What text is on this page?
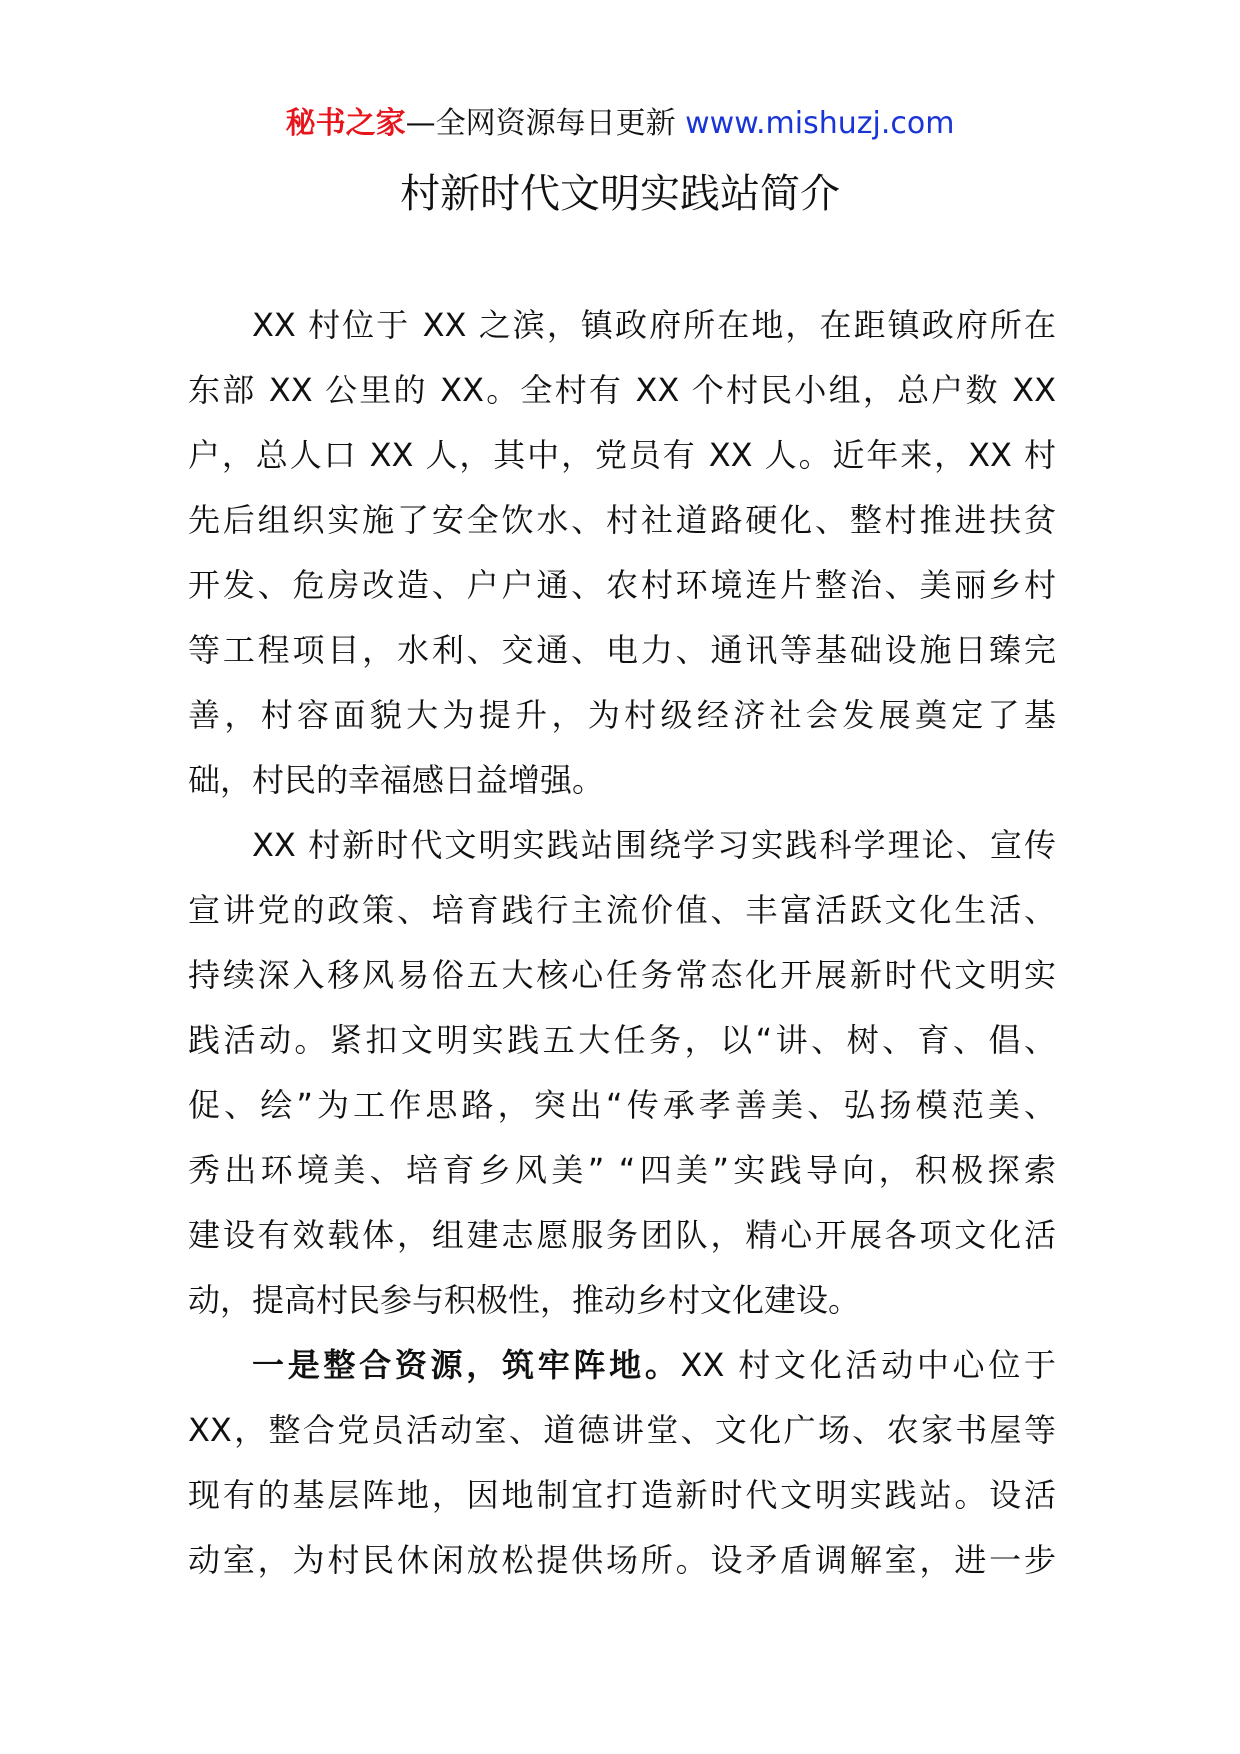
秘书之家—全网资源每日更新 www.mishuzj.com
村新时代文明实践站简介
XX 村位于 XX 之滨，镇政府所在地，在距镇政府所在
东部 XX 公里的 XX。全村有 XX 个村民小组，总户数 XX
户，总人口 XX 人，其中，党员有 XX 人。近年来，XX 村
先后组织实施了安全饮水、村社道路硬化、整村推进扶贫
开发、危房改造、户户通、农村环境连片整治、美丽乡村
等工程项目，水利、交通、电力、通讯等基础设施日臻完
善，村容面貌大为提升，为村级经济社会发展奠定了基
础，村民的幸福感日益增强。
XX 村新时代文明实践站围绕学习实践科学理论、宣传
宣讲党的政策、培育践行主流价值、丰富活跃文化生活、
持续深入移风易俗五大核心任务常态化开展新时代文明实
践活动。紧扣文明实践五大任务，以“讲、树、育、倡、
促、绘”为工作思路，突出“传承孝善美、弘扬模范美、
秀出环境美、培育乡风美” “四美”实践导向，积极探索
建设有效载体，组建志愿服务团队，精心开展各项文化活
动，提高村民参与积极性，推动乡村文化建设。
一是整合资源，筑牢阵地。XX 村文化活动中心位于
XX，整合党员活动室、道德讲堂、文化广场、农家书屋等
现有的基层阵地，因地制宜打造新时代文明实践站。设活
动室，为村民休闲放松提供场所。设矛盾调解室，进一步
